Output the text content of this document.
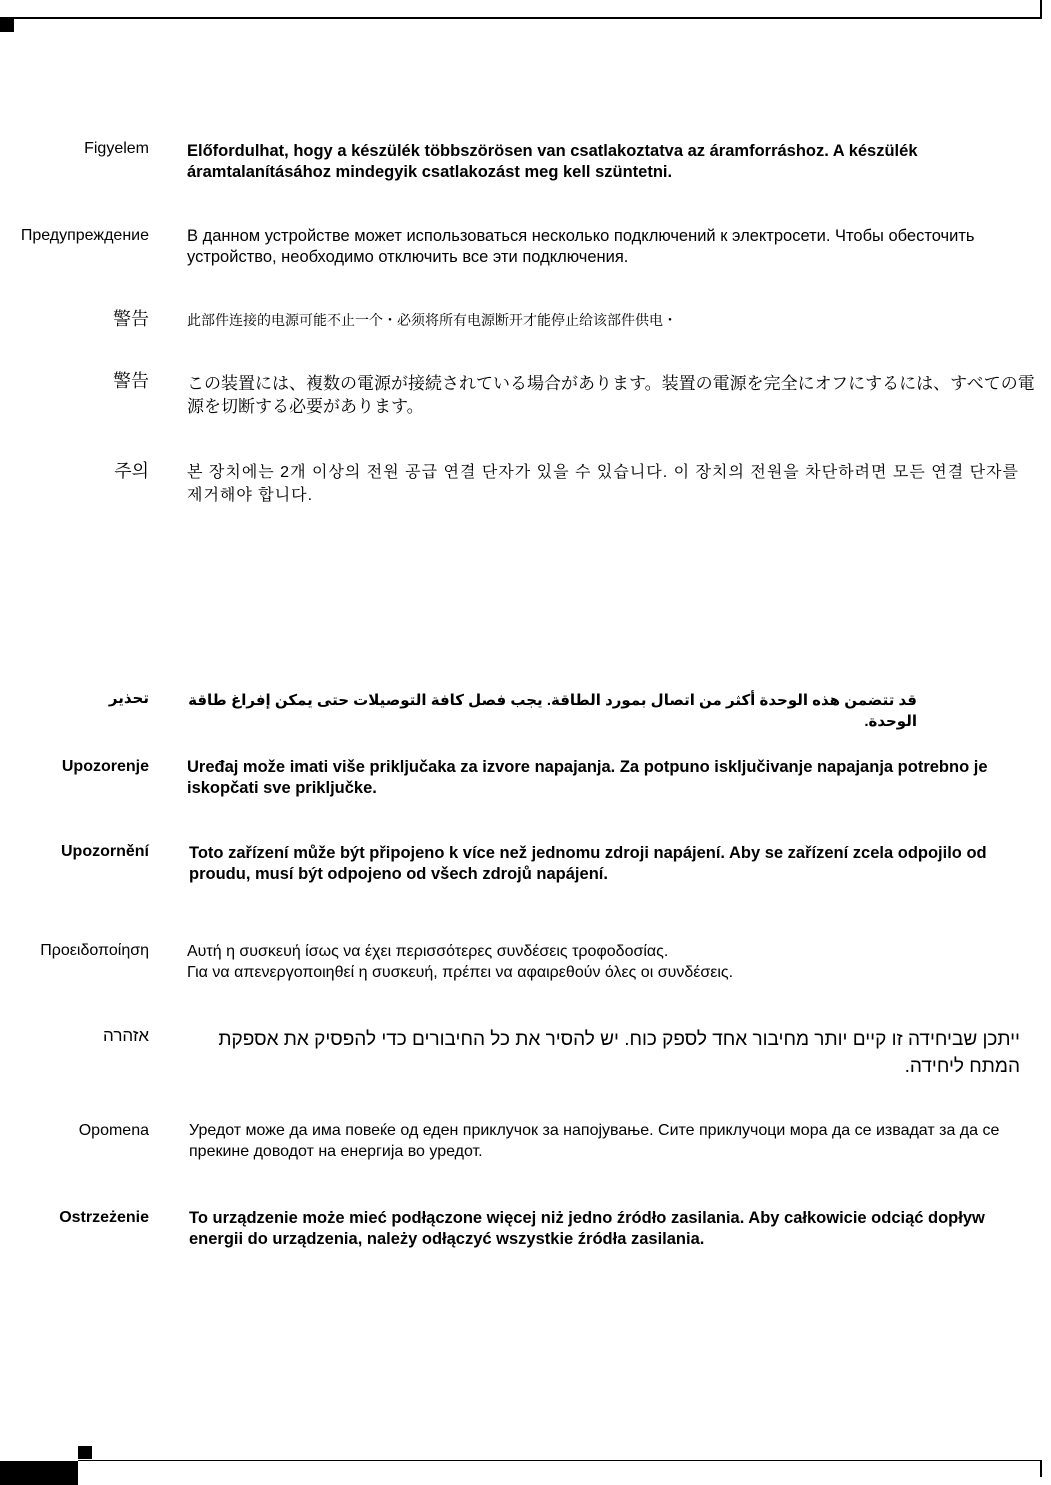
Figyelem Előfordulhat, hogy a készülék többszörösen van csatlakoztatva az áramforráshoz. A készülék áramtalanításához mindegyik csatlakozást meg kell szüntetni.
Предупреждение В данном устройстве может использоваться несколько подключений к электросети. Чтобы обесточить устройство, необходимо отключить все эти подключения.
警告	此部件连接的电源可能不止一个・必须将所有电源断开才能停止给该部件供电・
警告 この装置には、複数の電源が接続されている場合があります。装置の電源を完全にオフにするには、すべての電源を切断する必要があります。
주의 본 장치에는 2개 이상의 전원 공급 연결 단자가 있을 수 있습니다. 이 장치의 전원을 차단하려면 모든 연결 단자를 제거해야 합니다.
تحذير	قد تتضمن هذه الوحدة أكثر من اتصال بمورد الطاقة. يجب فصل كافة التوصيلات حتى يمكن إفراغ طاقة الوحدة.
Upozorenje Uređaj može imati više priključaka za izvore napajanja. Za potpuno isključivanje napajanja potrebno je iskopčati sve priključke.
Upozornění Toto zařízení může být připojeno k více než jednomu zdroji napájení. Aby se zařízení zcela odpojilo od proudu, musí být odpojeno od všech zdrojů napájení.
Προειδοποίηση Αυτή η συσκευή ίσως να έχει περισσότερες συνδέσεις τροφοδοσίας.
Για να απενεργοποιηθεί η συσκευή, πρέπει να αφαιρεθούν όλες οι συνδέσεις.
אזהרה	ייתכן שביחידה זו קיים יותר מחיבור אחד לספק כוח. יש להסיר את כל החיבורים כדי להפסיק את אספקת המתח ליחידה.
Opomena	Уредот може да има повеќе од еден приклучок за напојување. Сите приклучоци мора да се извадат за да се прекине доводот на енергија во уредот.
Ostrzeżenie To urządzenie może mieć podłączone więcej niż jedno źródło zasilania. Aby całkowicie odciąć dopływ energii do urządzenia, należy odłączyć wszystkie źródła zasilania.
